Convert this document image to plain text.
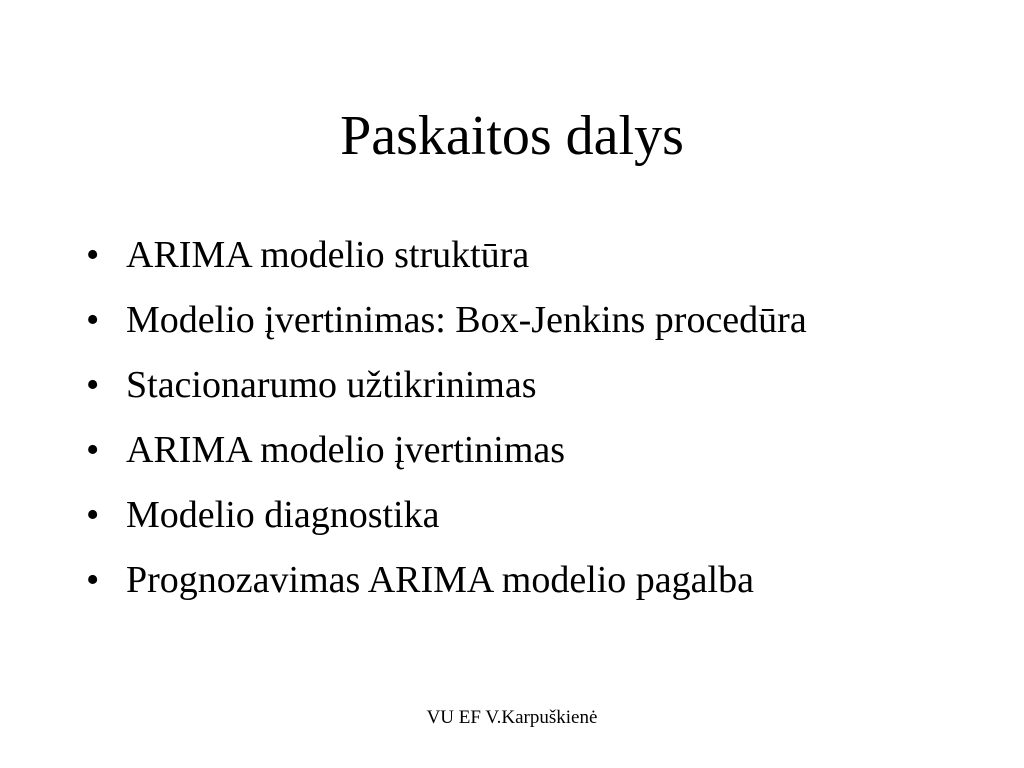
Paskaitos dalys
• ARIMA modelio struktūra
• Modelio įvertinimas: Box-Jenkins procedūra
• Stacionarumo užtikrinimas
• ARIMA modelio įvertinimas
• Modelio diagnostika
• Prognozavimas ARIMA modelio pagalba
VU EF V.Karpuškienė
